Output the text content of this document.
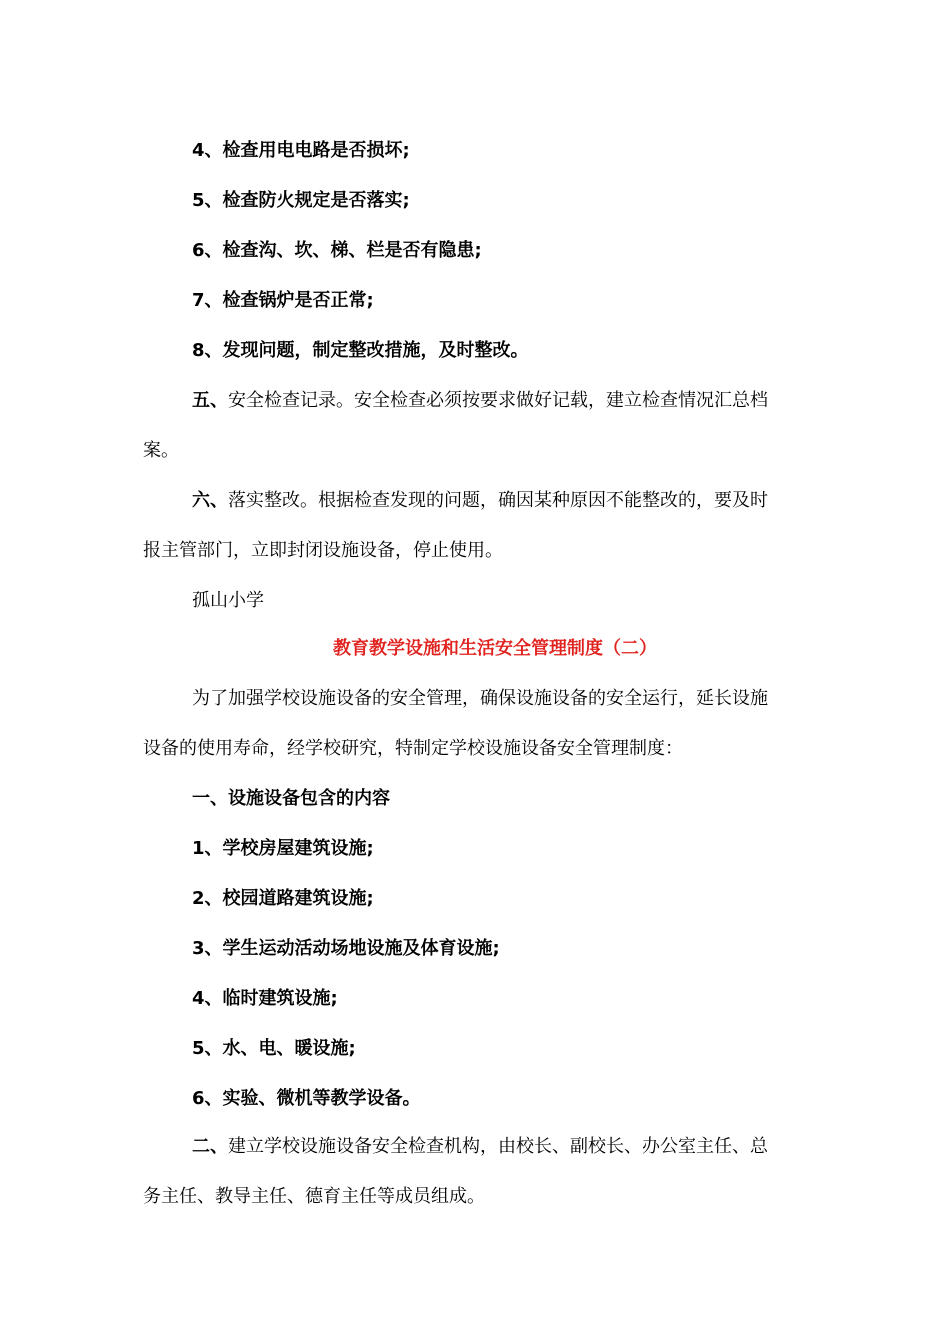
4、检查用电电路是否损坏;
5、检查防火规定是否落实;
6、检查沟、坎、梯、栏是否有隐患;
7、检查锅炉是否正常;
8、发现问题，制定整改措施，及时整改。
五、安全检查记录。安全检查必须按要求做好记载，建立检查情况汇总档
案。
六、落实整改。根据检查发现的问题，确因某种原因不能整改的，要及时
报主管部门，立即封闭设施设备，停止使用。
孤山小学
教育教学设施和生活安全管理制度（二）
为了加强学校设施设备的安全管理，确保设施设备的安全运行，延长设施
设备的使用寿命，经学校研究，特制定学校设施设备安全管理制度：
一、设施设备包含的内容
1、学校房屋建筑设施;
2、校园道路建筑设施;
3、学生运动活动场地设施及体育设施;
4、临时建筑设施;
5、水、电、暖设施;
6、实验、微机等教学设备。
二、建立学校设施设备安全检查机构，由校长、副校长、办公室主任、总
务主任、教导主任、德育主任等成员组成。
